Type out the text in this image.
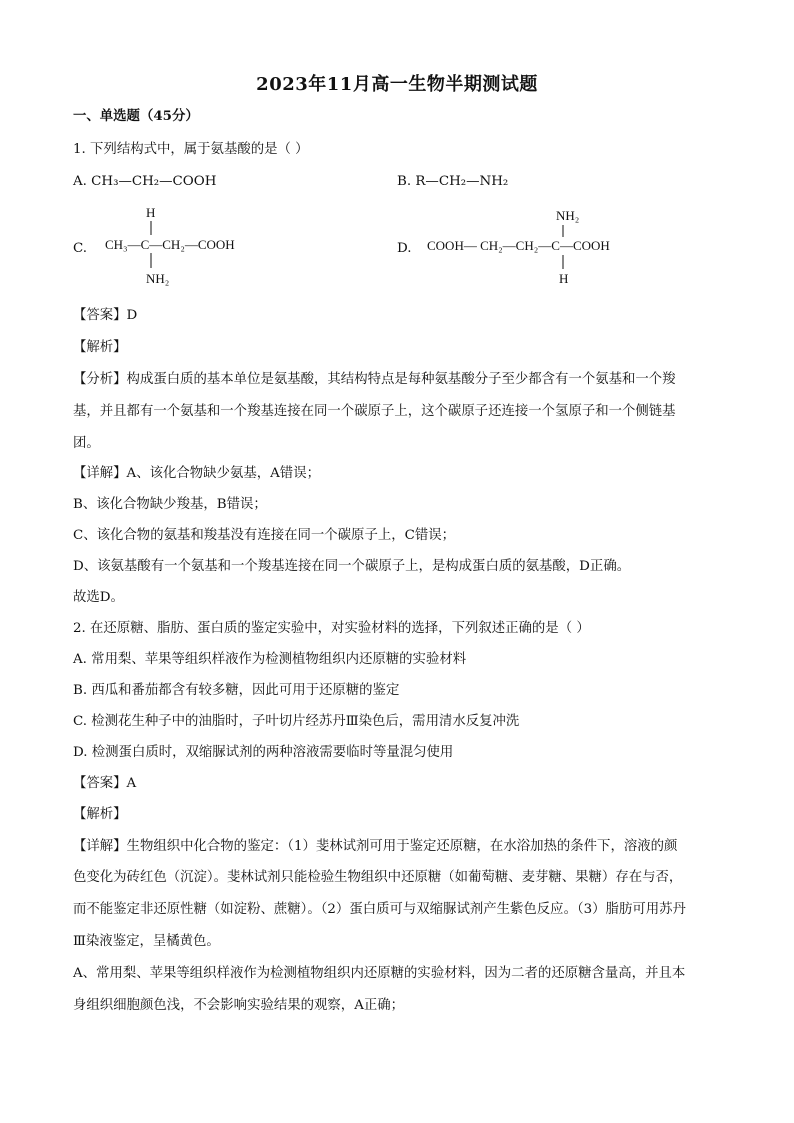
2023年11月高一生物半期测试题
一、单选题（45分）
1. 下列结构式中，属于氨基酸的是（ ）
A. CH₃—CH₂—COOH	B. R—CH₂—NH₂
C.
H
CH₃—C—CH₂—COOH
NH₂
D.
NH₂
COOH— CH₂—CH₂—C—COOH
H
【答案】D
【解析】
【分析】构成蛋白质的基本单位是氨基酸，其结构特点是每种氨基酸分子至少都含有一个氨基和一个羧
基，并且都有一个氨基和一个羧基连接在同一个碳原子上，这个碳原子还连接一个氢原子和一个侧链基
团。
【详解】A、该化合物缺少氨基，A错误；
B、该化合物缺少羧基，B错误；
C、该化合物的氨基和羧基没有连接在同一个碳原子上，C错误；
D、该氨基酸有一个氨基和一个羧基连接在同一个碳原子上，是构成蛋白质的氨基酸，D正确。
故选D。
2. 在还原糖、脂肪、蛋白质的鉴定实验中，对实验材料的选择，下列叙述正确的是（ ）
A. 常用梨、苹果等组织样液作为检测植物组织内还原糖的实验材料
B. 西瓜和番茄都含有较多糖，因此可用于还原糖的鉴定
C. 检测花生种子中的油脂时，子叶切片经苏丹Ⅲ染色后，需用清水反复冲洗
D. 检测蛋白质时，双缩脲试剂的两种溶液需要临时等量混匀使用
【答案】A
【解析】
【详解】生物组织中化合物的鉴定：（1）斐林试剂可用于鉴定还原糖，在水浴加热的条件下，溶液的颜
色变化为砖红色（沉淀）。斐林试剂只能检验生物组织中还原糖（如葡萄糖、麦芽糖、果糖）存在与否，
而不能鉴定非还原性糖（如淀粉、蔗糖）。（2）蛋白质可与双缩脲试剂产生紫色反应。（3）脂肪可用苏丹
Ⅲ染液鉴定，呈橘黄色。
A、常用梨、苹果等组织样液作为检测植物组织内还原糖的实验材料，因为二者的还原糖含量高，并且本
身组织细胞颜色浅，不会影响实验结果的观察，A正确；
